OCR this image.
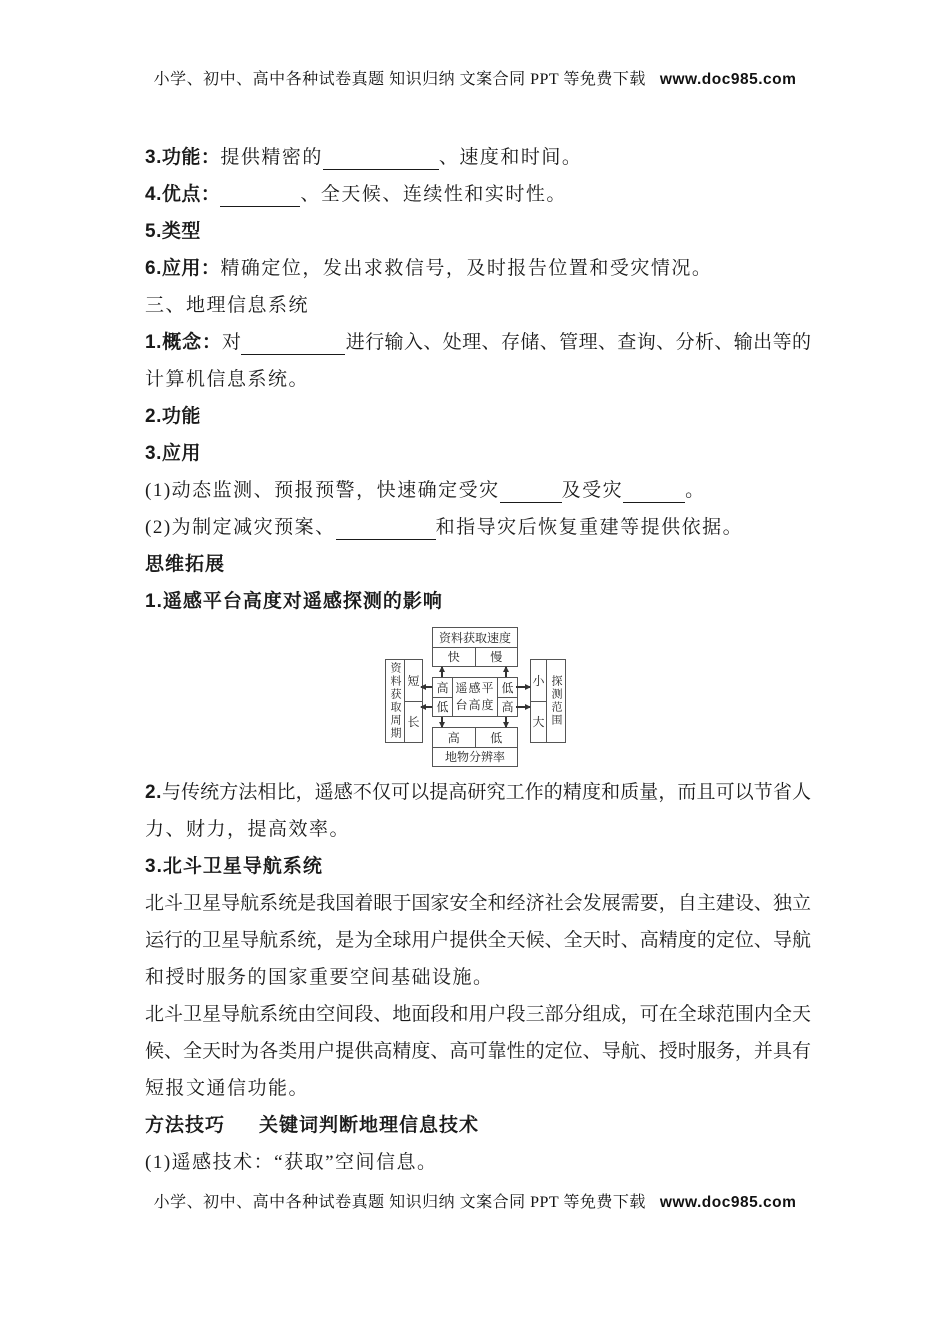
小学、初中、高中各种试卷真题 知识归纳 文案合同 PPT 等免费下载 www.doc985.com
3.功能：提供精密的	、速度和时间。
4.优点：	、全天候、连续性和实时性。
5.类型
6.应用：精确定位，发出求救信号，及时报告位置和受灾情况。
三、地理信息系统
1.概念：对	进行输入、处理、存储、管理、查询、分析、输出等的
计算机信息系统。
2.功能
3.应用
(1)动态监测、预报预警，快速确定受灾	及受灾	。
(2)为制定减灾预案、	和指导灾后恢复重建等提供依据。
思维拓展
1.遥感平台高度对遥感探测的影响
资料获取速度
快	慢
高
低
遥感平台高度
低
高
高	低
地物分辨率
资料获取周期 短
长
小
大 探测范围
2.与传统方法相比，遥感不仅可以提高研究工作的精度和质量，而且可以节省人
力、财力，提高效率。
3.北斗卫星导航系统
北斗卫星导航系统是我国着眼于国家安全和经济社会发展需要，自主建设、独立
运行的卫星导航系统，是为全球用户提供全天候、全天时、高精度的定位、导航
和授时服务的国家重要空间基础设施。
北斗卫星导航系统由空间段、地面段和用户段三部分组成，可在全球范围内全天
候、全天时为各类用户提供高精度、高可靠性的定位、导航、授时服务，并具有
短报文通信功能。
方法技巧 关键词判断地理信息技术
(1)遥感技术：“获取”空间信息。
小学、初中、高中各种试卷真题 知识归纳 文案合同 PPT 等免费下载 www.doc985.com
